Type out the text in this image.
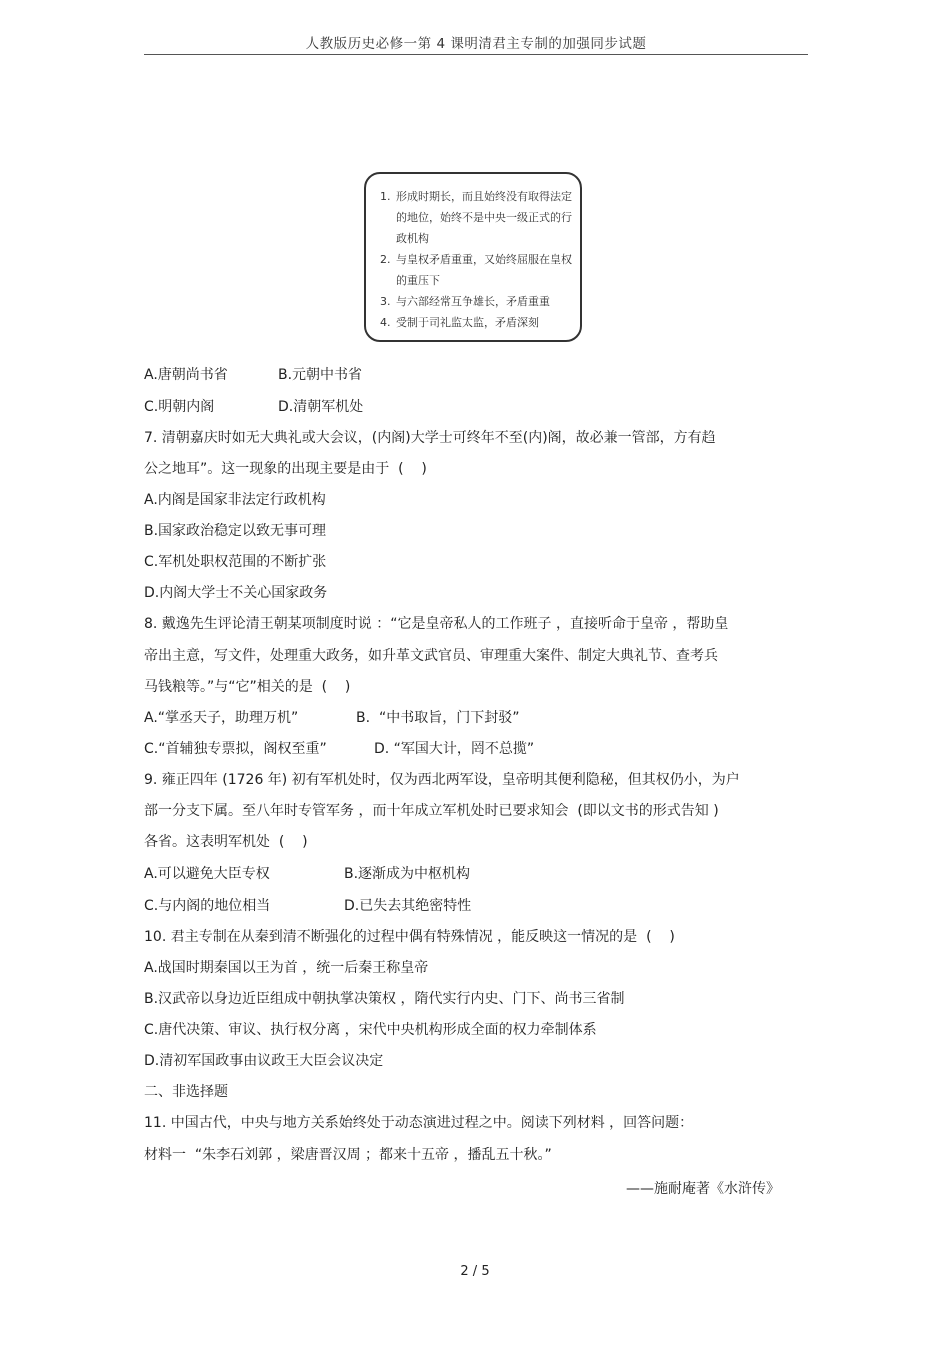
人教版历史必修一第 4 课明清君主专制的加强同步试题
1. 形成时期长，而且始终没有取得法定
的地位，始终不是中央一级正式的行
政机构
2. 与皇权矛盾重重，又始终屈服在皇权
的重压下
3. 与六部经常互争雄长，矛盾重重
4. 受制于司礼监太监，矛盾深刻
A.唐朝尚书省	B.元朝中书省
C.明朝内阁	D.清朝军机处
7. 清朝嘉庆时如无大典礼或大会议，(内阁)大学士可终年不至(内)阁，故必兼一管部，方有趋
公之地耳”。这一现象的出现主要是由于  (    )
A.内阁是国家非法定行政机构
B.国家政治稳定以致无事可理
C.军机处职权范围的不断扩张
D.内阁大学士不关心国家政务
8. 戴逸先生评论清王朝某项制度时说 ：“它是皇帝私人的工作班子 ，直接听命于皇帝 ，帮助皇
帝出主意，写文件，处理重大政务，如升革文武官员、审理重大案件、制定大典礼节、查考兵
马钱粮等。”与“它”相关的是  (    )
A.“掌丞天子，助理万机”	B.  “中书取旨，门下封驳”
C.“首辅独专票拟，阁权至重”	D. “军国大计，罔不总揽”
9. 雍正四年 (1726 年) 初有军机处时，仅为西北两军设，皇帝明其便利隐秘，但其权仍小，为户
部一分支下属。至八年时专管军务 ，而十年成立军机处时已要求知会  (即以文书的形式告知 )
各省。这表明军机处  (    )
A.可以避免大臣专权	B.逐渐成为中枢机构
C.与内阁的地位相当	D.已失去其绝密特性
10. 君主专制在从秦到清不断强化的过程中偶有特殊情况 ，能反映这一情况的是  (    )
A.战国时期秦国以王为首 ，统一后秦王称皇帝
B.汉武帝以身边近臣组成中朝执掌决策权 ，隋代实行内史、门下、尚书三省制
C.唐代决策、审议、执行权分离 ，宋代中央机构形成全面的权力牵制体系
D.清初军国政事由议政王大臣会议决定
二、非选择题
11. 中国古代，中央与地方关系始终处于动态演进过程之中。阅读下列材料 ，回答问题：
材料一  “朱李石刘郭 ，梁唐晋汉周 ；都来十五帝 ，播乱五十秋。”
——施耐庵著《水浒传》
2 / 5
